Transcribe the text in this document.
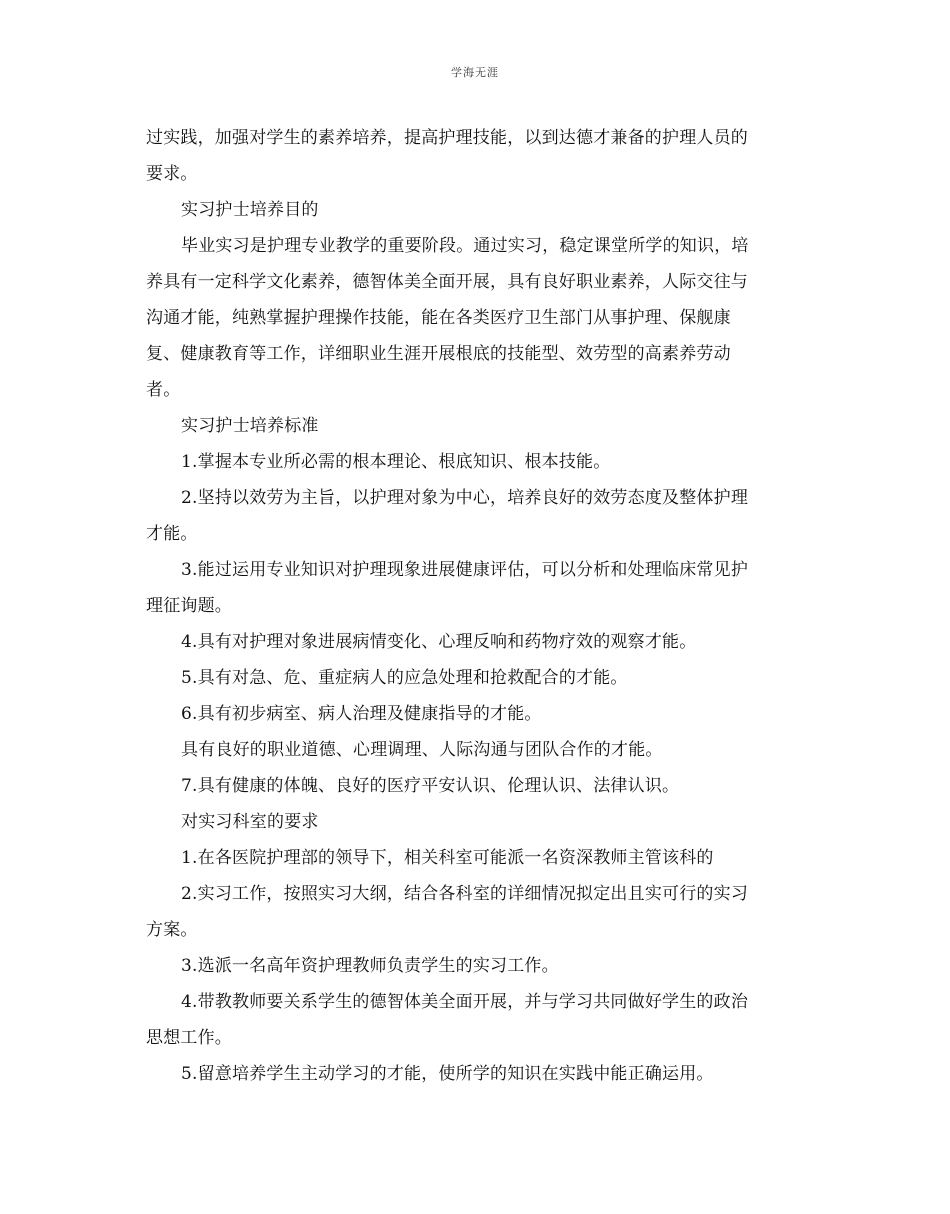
学海无涯
过实践，加强对学生的素养培养，提高护理技能，以到达德才兼备的护理人员的
要求。
实习护士培养目的
毕业实习是护理专业教学的重要阶段。通过实习，稳定课堂所学的知识，培
养具有一定科学文化素养，德智体美全面开展，具有良好职业素养，人际交往与
沟通才能，纯熟掌握护理操作技能，能在各类医疗卫生部门从事护理、保舰康
复、健康教育等工作，详细职业生涯开展根底的技能型、效劳型的高素养劳动
者。
实习护士培养标准
1.掌握本专业所必需的根本理论、根底知识、根本技能。
2.坚持以效劳为主旨，以护理对象为中心，培养良好的效劳态度及整体护理
才能。
3.能过运用专业知识对护理现象进展健康评估，可以分析和处理临床常见护
理征询题。
4.具有对护理对象进展病情变化、心理反响和药物疗效的观察才能。
5.具有对急、危、重症病人的应急处理和抢救配合的才能。
6.具有初步病室、病人治理及健康指导的才能。
具有良好的职业道德、心理调理、人际沟通与团队合作的才能。
7.具有健康的体魄、良好的医疗平安认识、伦理认识、法律认识。
对实习科室的要求
1.在各医院护理部的领导下，相关科室可能派一名资深教师主管该科的
2.实习工作，按照实习大纲，结合各科室的详细情况拟定出且实可行的实习
方案。
3.选派一名高年资护理教师负责学生的实习工作。
4.带教教师要关系学生的德智体美全面开展，并与学习共同做好学生的政治
思想工作。
5.留意培养学生主动学习的才能，使所学的知识在实践中能正确运用。
